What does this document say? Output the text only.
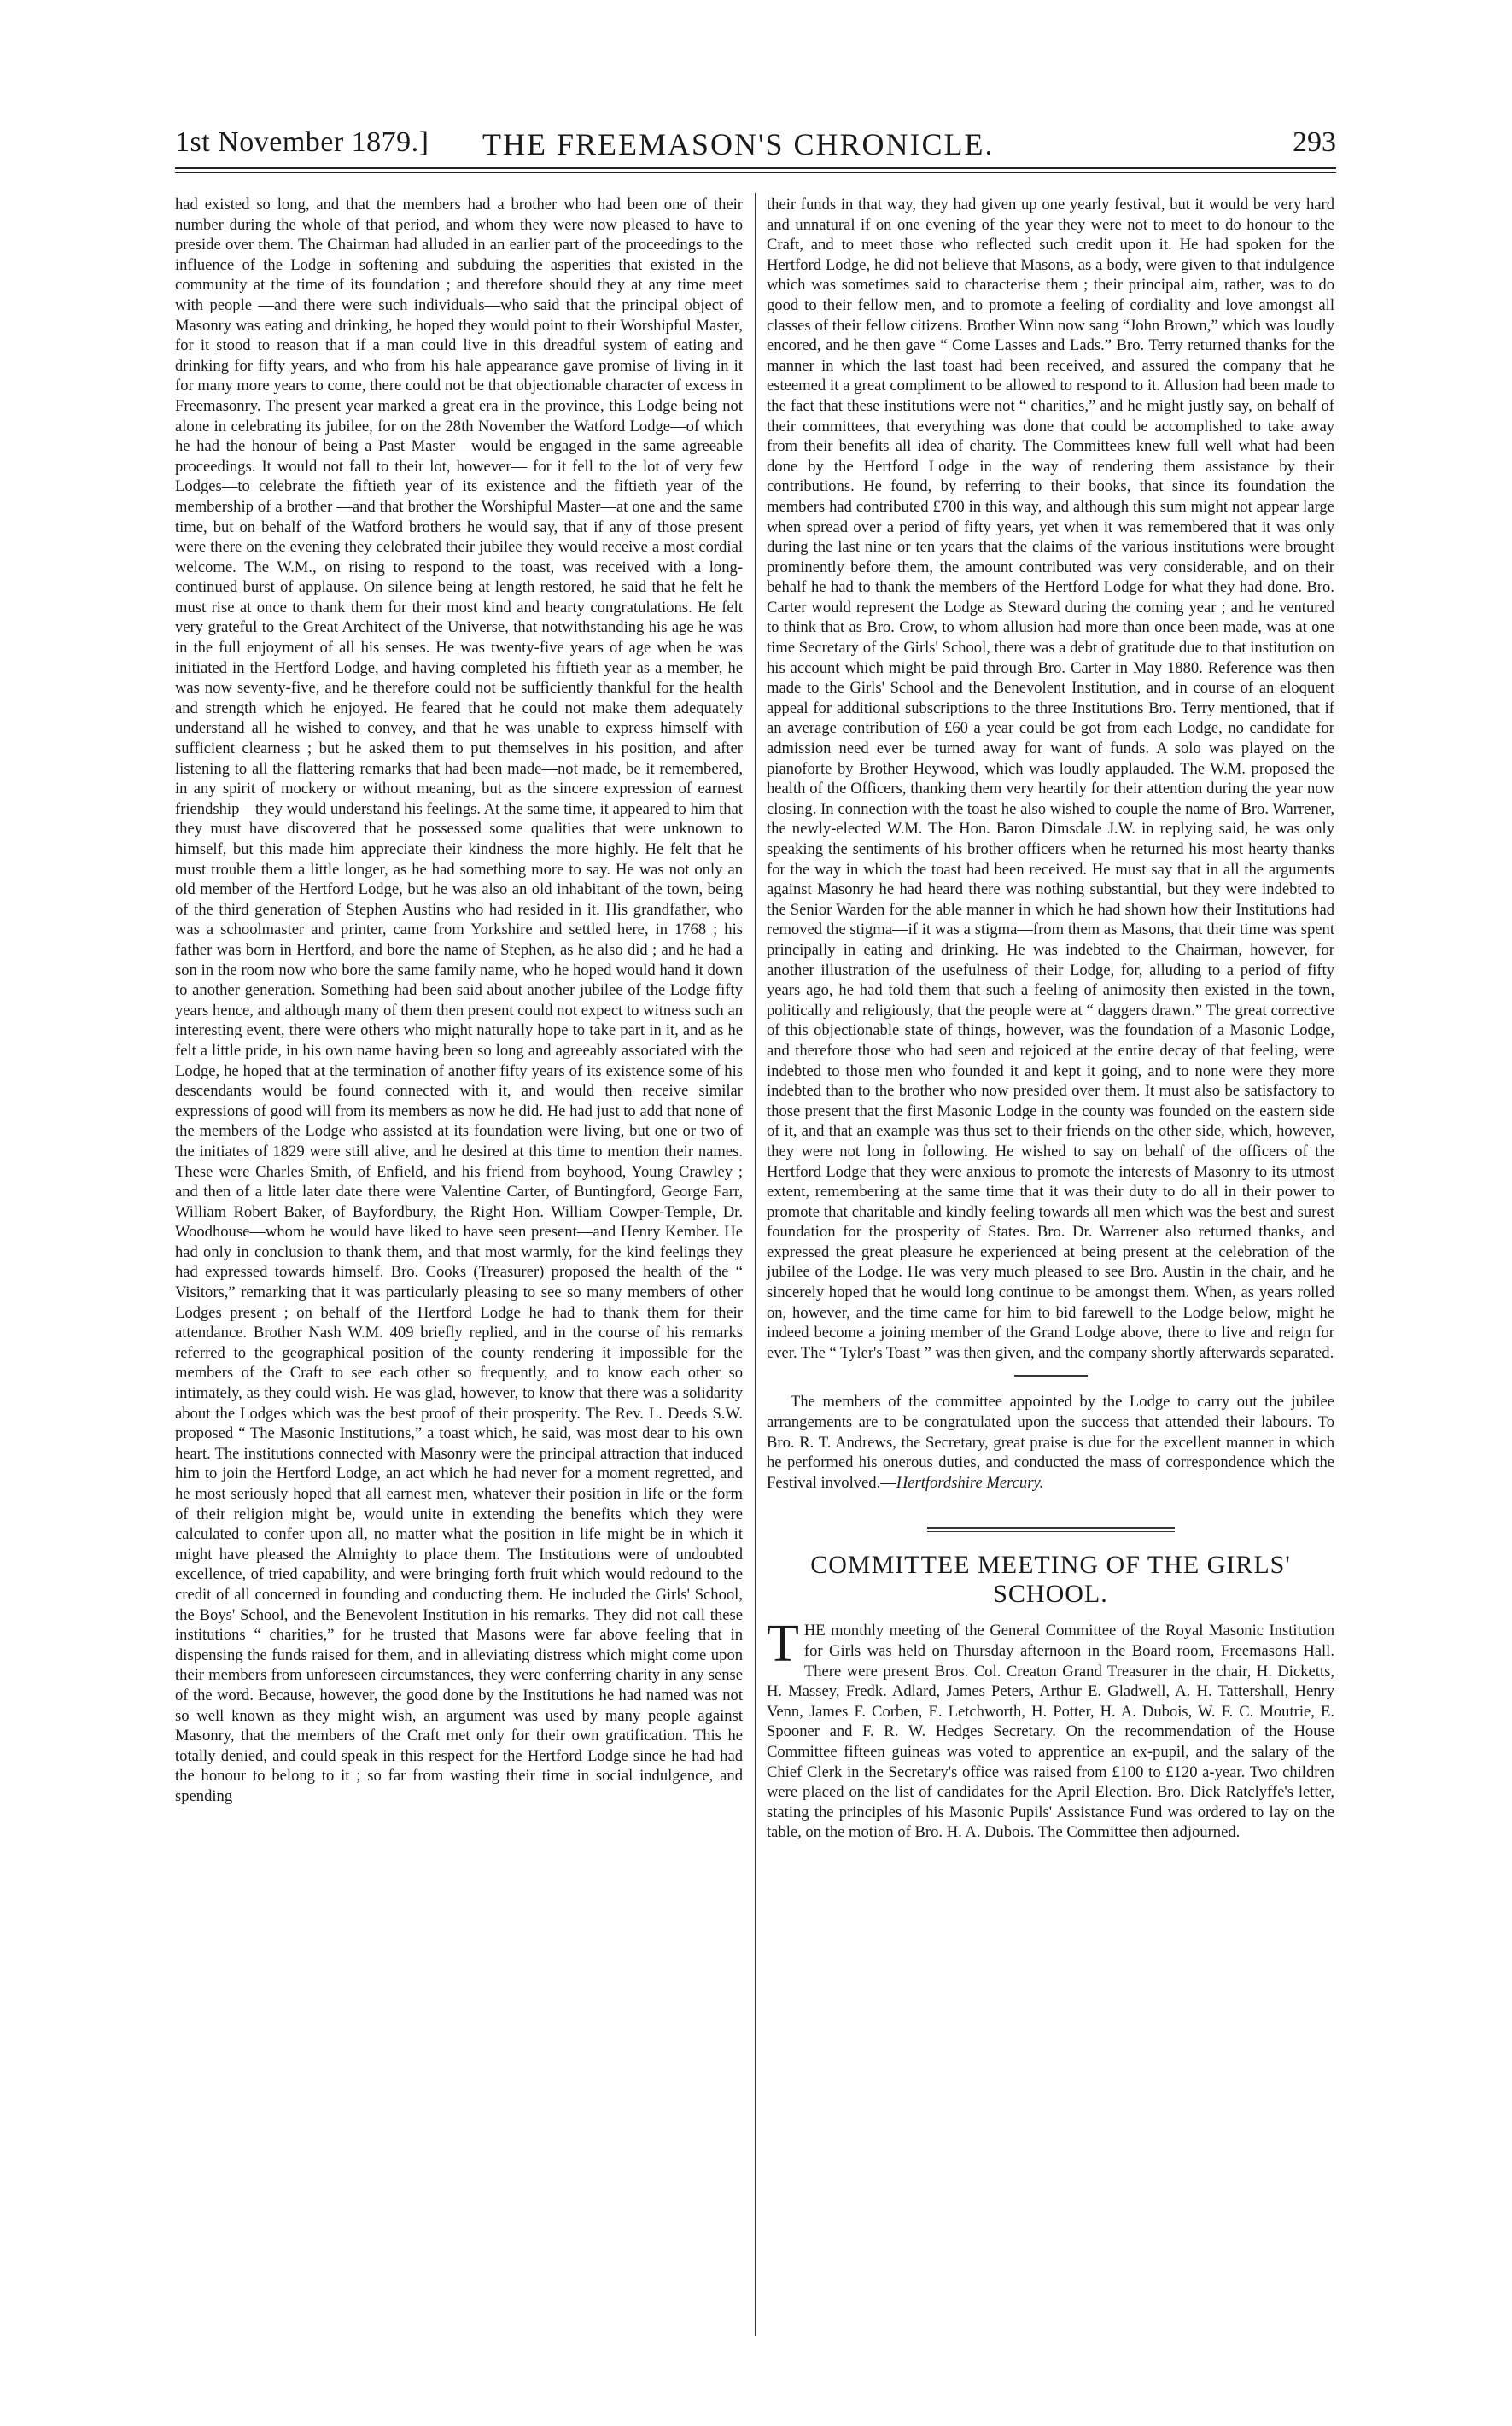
1st November 1879.] THE FREEMASON'S CHRONICLE.	293

had existed so long, and that the members had a brother who had been one of their number during the whole of that period, and whom they were now pleased to have to preside over them. The Chairman had alluded in an earlier part of the proceedings to the influence of the Lodge in softening and subduing the asperities that existed in the community at the time of its foundation ; and therefore should they at any time meet with people —and there were such individuals—who said that the principal object of Masonry was eating and drinking, he hoped they would point to their Worshipful Master, for it stood to reason that if a man could live in this dreadful system of eating and drinking for fifty years, and who from his hale appearance gave promise of living in it for many more years to come, there could not be that objectionable character of excess in Freemasonry. The present year marked a great era in the province, this Lodge being not alone in celebrating its jubilee, for on the 28th November the Watford Lodge—of which he had the honour of being a Past Master—would be engaged in the same agreeable proceedings. It would not fall to their lot, however— for it fell to the lot of very few Lodges—to celebrate the fiftieth year of its existence and the fiftieth year of the membership of a brother —and that brother the Worshipful Master—at one and the same time, but on behalf of the Watford brothers he would say, that if any of those present were there on the evening they celebrated their jubilee they would receive a most cordial welcome. The W.M., on rising to respond to the toast, was received with a long-continued burst of applause. On silence being at length restored, he said that he felt he must rise at once to thank them for their most kind and hearty congratulations. He felt very grateful to the Great Architect of the Universe, that notwithstanding his age he was in the full enjoyment of all his senses. He was twenty-five years of age when he was initiated in the Hertford Lodge, and having completed his fiftieth year as a member, he was now seventy-five, and he therefore could not be sufficiently thankful for the health and strength which he enjoyed. He feared that he could not make them adequately understand all he wished to convey, and that he was unable to express himself with sufficient clearness ; but he asked them to put themselves in his position, and after listening to all the flattering remarks that had been made—not made, be it remembered, in any spirit of mockery or without meaning, but as the sincere expression of earnest friendship—they would understand his feelings. At the same time, it appeared to him that they must have discovered that he possessed some qualities that were unknown to himself, but this made him appreciate their kindness the more highly. He felt that he must trouble them a little longer, as he had something more to say. He was not only an old member of the Hertford Lodge, but he was also an old inhabitant of the town, being of the third generation of Stephen Austins who had resided in it. His grandfather, who was a schoolmaster and printer, came from Yorkshire and settled here, in 1768 ; his father was born in Hertford, and bore the name of Stephen, as he also did ; and he had a son in the room now who bore the same family name, who he hoped would hand it down to another generation. Something had been said about another jubilee of the Lodge fifty years hence, and although many of them then present could not expect to witness such an interesting event, there were others who might naturally hope to take part in it, and as he felt a little pride, in his own name having been so long and agreeably associated with the Lodge, he hoped that at the termination of another fifty years of its existence some of his descendants would be found connected with it, and would then receive similar expressions of good will from its members as now he did. He had just to add that none of the members of the Lodge who assisted at its foundation were living, but one or two of the initiates of 1829 were still alive, and he desired at this time to mention their names. These were Charles Smith, of Enfield, and his friend from boyhood, Young Crawley ; and then of a little later date there were Valentine Carter, of Buntingford, George Farr, William Robert Baker, of Bayfordbury, the Right Hon. William Cowper-Temple, Dr. Woodhouse—whom he would have liked to have seen present—and Henry Kember. He had only in conclusion to thank them, and that most warmly, for the kind feelings they had expressed towards himself. Bro. Cooks (Treasurer) proposed the health of the “ Visitors,” remarking that it was particularly pleasing to see so many members of other Lodges present ; on behalf of the Hertford Lodge he had to thank them for their attendance. Brother Nash W.M. 409 briefly replied, and in the course of his remarks referred to the geographical position of the county rendering it impossible for the members of the Craft to see each other so frequently, and to know each other so intimately, as they could wish. He was glad, however, to know that there was a solidarity about the Lodges which was the best proof of their prosperity. The Rev. L. Deeds S.W. proposed “ The Masonic Institutions,” a toast which, he said, was most dear to his own heart. The institutions connected with Masonry were the principal attraction that induced him to join the Hertford Lodge, an act which he had never for a moment regretted, and he most seriously hoped that all earnest men, whatever their position in life or the form of their religion might be, would unite in extending the benefits which they were calculated to confer upon all, no matter what the position in life might be in which it might have pleased the Almighty to place them. The Institutions were of undoubted excellence, of tried capability, and were bringing forth fruit which would redound to the credit of all concerned in founding and conducting them. He included the Girls' School, the Boys' School, and the Benevolent Institution in his remarks. They did not call these institutions “ charities,” for he trusted that Masons were far above feeling that in dispensing the funds raised for them, and in alleviating distress which might come upon their members from unforeseen circumstances, they were conferring charity in any sense of the word. Because, however, the good done by the Institutions he had named was not so well known as they might wish, an argument was used by many people against Masonry, that the members of the Craft met only for their own gratification. This he totally denied, and could speak in this respect for the Hertford Lodge since he had had the honour to belong to it ; so far from wasting their time in social indulgence, and spending

their funds in that way, they had given up one yearly festival, but it would be very hard and unnatural if on one evening of the year they were not to meet to do honour to the Craft, and to meet those who reflected such credit upon it. He had spoken for the Hertford Lodge, he did not believe that Masons, as a body, were given to that indulgence which was sometimes said to characterise them ; their principal aim, rather, was to do good to their fellow men, and to promote a feeling of cordiality and love amongst all classes of their fellow citizens. Brother Winn now sang “John Brown,” which was loudly encored, and he then gave “ Come Lasses and Lads.” Bro. Terry returned thanks for the manner in which the last toast had been received, and assured the company that he esteemed it a great compliment to be allowed to respond to it. Allusion had been made to the fact that these institutions were not “ charities,” and he might justly say, on behalf of their committees, that everything was done that could be accomplished to take away from their benefits all idea of charity. The Committees knew full well what had been done by the Hertford Lodge in the way of rendering them assistance by their contributions. He found, by referring to their books, that since its foundation the members had contributed £700 in this way, and although this sum might not appear large when spread over a period of fifty years, yet when it was remembered that it was only during the last nine or ten years that the claims of the various institutions were brought prominently before them, the amount contributed was very considerable, and on their behalf he had to thank the members of the Hertford Lodge for what they had done. Bro. Carter would represent the Lodge as Steward during the coming year ; and he ventured to think that as Bro. Crow, to whom allusion had more than once been made, was at one time Secretary of the Girls' School, there was a debt of gratitude due to that institution on his account which might be paid through Bro. Carter in May 1880. Reference was then made to the Girls' School and the Benevolent Institution, and in course of an eloquent appeal for additional subscriptions to the three Institutions Bro. Terry mentioned, that if an average contribution of £60 a year could be got from each Lodge, no candidate for admission need ever be turned away for want of funds. A solo was played on the pianoforte by Brother Heywood, which was loudly applauded. The W.M. proposed the health of the Officers, thanking them very heartily for their attention during the year now closing. In connection with the toast he also wished to couple the name of Bro. Warrener, the newly-elected W.M. The Hon. Baron Dimsdale J.W. in replying said, he was only speaking the sentiments of his brother officers when he returned his most hearty thanks for the way in which the toast had been received. He must say that in all the arguments against Masonry he had heard there was nothing substantial, but they were indebted to the Senior Warden for the able manner in which he had shown how their Institutions had removed the stigma—if it was a stigma—from them as Masons, that their time was spent principally in eating and drinking. He was indebted to the Chairman, however, for another illustration of the usefulness of their Lodge, for, alluding to a period of fifty years ago, he had told them that such a feeling of animosity then existed in the town, politically and religiously, that the people were at “ daggers drawn.” The great corrective of this objectionable state of things, however, was the foundation of a Masonic Lodge, and therefore those who had seen and rejoiced at the entire decay of that feeling, were indebted to those men who founded it and kept it going, and to none were they more indebted than to the brother who now presided over them. It must also be satisfactory to those present that the first Masonic Lodge in the county was founded on the eastern side of it, and that an example was thus set to their friends on the other side, which, however, they were not long in following. He wished to say on behalf of the officers of the Hertford Lodge that they were anxious to promote the interests of Masonry to its utmost extent, remembering at the same time that it was their duty to do all in their power to promote that charitable and kindly feeling towards all men which was the best and surest foundation for the prosperity of States. Bro. Dr. Warrener also returned thanks, and expressed the great pleasure he experienced at being present at the celebration of the jubilee of the Lodge. He was very much pleased to see Bro. Austin in the chair, and he sincerely hoped that he would long continue to be amongst them. When, as years rolled on, however, and the time came for him to bid farewell to the Lodge below, might he indeed become a joining member of the Grand Lodge above, there to live and reign for ever. The “ Tyler's Toast ” was then given, and the company shortly afterwards separated.

The members of the committee appointed by the Lodge to carry out the jubilee arrangements are to be congratulated upon the success that attended their labours. To Bro. R. T. Andrews, the Secretary, great praise is due for the excellent manner in which he performed his onerous duties, and conducted the mass of correspondence which the Festival involved.—Hertfordshire Mercury.

COMMITTEE MEETING OF THE GIRLS' SCHOOL.

THE monthly meeting of the General Committee of the Royal Masonic Institution for Girls was held on Thursday afternoon in the Board room, Freemasons Hall. There were present Bros. Col. Creaton Grand Treasurer in the chair, H. Dicketts, H. Massey, Fredk. Adlard, James Peters, Arthur E. Gladwell, A. H. Tattershall, Henry Venn, James F. Corben, E. Letchworth, H. Potter, H. A. Dubois, W. F. C. Moutrie, E. Spooner and F. R. W. Hedges Secretary. On the recommendation of the House Committee fifteen guineas was voted to apprentice an ex-pupil, and the salary of the Chief Clerk in the Secretary's office was raised from £100 to £120 a-year. Two children were placed on the list of candidates for the April Election. Bro. Dick Ratclyffe's letter, stating the principles of his Masonic Pupils' Assistance Fund was ordered to lay on the table, on the motion of Bro. H. A. Dubois. The Committee then adjourned.
